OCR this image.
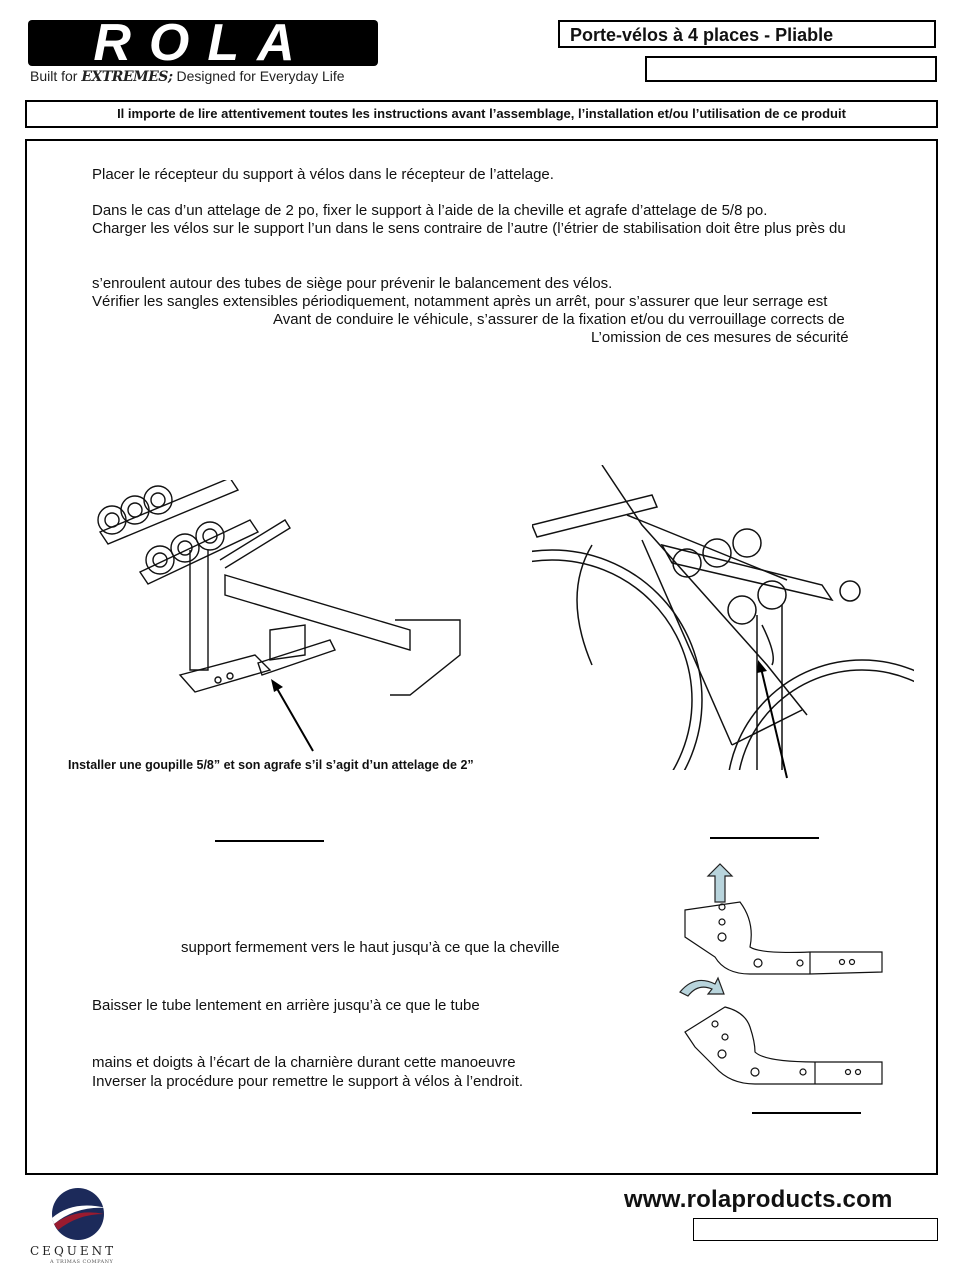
ROLA
Built for EXTREMES; Designed for Everyday Life
Porte-vélos à 4 places - Pliable
Il importe de lire attentivement toutes les instructions avant l’assemblage, l’installation et/ou l’utilisation de ce produit
Placer le récepteur du support à vélos dans le récepteur de l’attelage.
Dans le cas d’un attelage de 2 po, fixer le support à l’aide de la cheville et agrafe d’attelage de 5/8 po.
Charger les vélos sur le support l’un dans le sens contraire de l’autre (l’étrier de stabilisation doit être plus près du
s’enroulent autour des tubes de siège pour prévenir le balancement des vélos.
Vérifier les sangles extensibles périodiquement, notamment après un arrêt, pour s’assurer que leur serrage est
Avant de conduire le véhicule, s’assurer de la fixation et/ou du verrouillage corrects de
L’omission de ces mesures de sécurité
Installer une goupille 5/8” et son agrafe s’il s’agit d’un attelage de 2”
support fermement vers le haut jusqu’à ce que la cheville
Baisser le tube lentement en arrière jusqu’à ce que le tube
mains et doigts à l’écart de la charnière durant cette manoeuvre
Inverser la procédure pour remettre le support à vélos à l’endroit.
CEQUENT
A TRIMAS COMPANY
www.rolaproducts.com
